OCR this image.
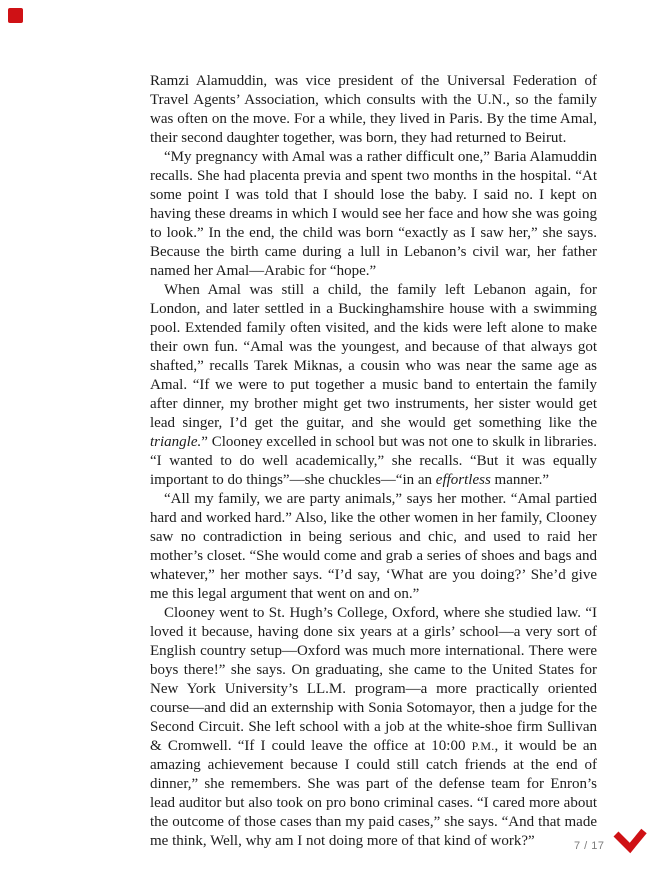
Ramzi Alamuddin, was vice president of the Universal Federation of Travel Agents’ Association, which consults with the U.N., so the family was often on the move. For a while, they lived in Paris. By the time Amal, their second daughter together, was born, they had returned to Beirut.

“My pregnancy with Amal was a rather difficult one,” Baria Alamuddin recalls. She had placenta previa and spent two months in the hospital. “At some point I was told that I should lose the baby. I said no. I kept on having these dreams in which I would see her face and how she was going to look.” In the end, the child was born “exactly as I saw her,” she says. Because the birth came during a lull in Lebanon’s civil war, her father named her Amal—Arabic for “hope.”

When Amal was still a child, the family left Lebanon again, for London, and later settled in a Buckinghamshire house with a swimming pool. Extended family often visited, and the kids were left alone to make their own fun. “Amal was the youngest, and because of that always got shafted,” recalls Tarek Miknas, a cousin who was near the same age as Amal. “If we were to put together a music band to entertain the family after dinner, my brother might get two instruments, her sister would get lead singer, I’d get the guitar, and she would get something like the triangle.” Clooney excelled in school but was not one to skulk in libraries. “I wanted to do well academically,” she recalls. “But it was equally important to do things”—she chuckles—“in an effortless manner.”

“All my family, we are party animals,” says her mother. “Amal partied hard and worked hard.” Also, like the other women in her family, Clooney saw no contradiction in being serious and chic, and used to raid her mother’s closet. “She would come and grab a series of shoes and bags and whatever,” her mother says. “I’d say, ‘What are you doing?’ She’d give me this legal argument that went on and on.”

Clooney went to St. Hugh’s College, Oxford, where she studied law. “I loved it because, having done six years at a girls’ school—a very sort of English country setup—Oxford was much more international. There were boys there!” she says. On graduating, she came to the United States for New York University’s LL.M. program—a more practically oriented course—and did an externship with Sonia Sotomayor, then a judge for the Second Circuit. She left school with a job at the white-shoe firm Sullivan & Cromwell. “If I could leave the office at 10:00 P.M., it would be an amazing achievement because I could still catch friends at the end of dinner,” she remembers. She was part of the defense team for Enron’s lead auditor but also took on pro bono criminal cases. “I cared more about the outcome of those cases than my paid cases,” she says. “And that made me think, Well, why am I not doing more of that kind of work?”	7 / 17
